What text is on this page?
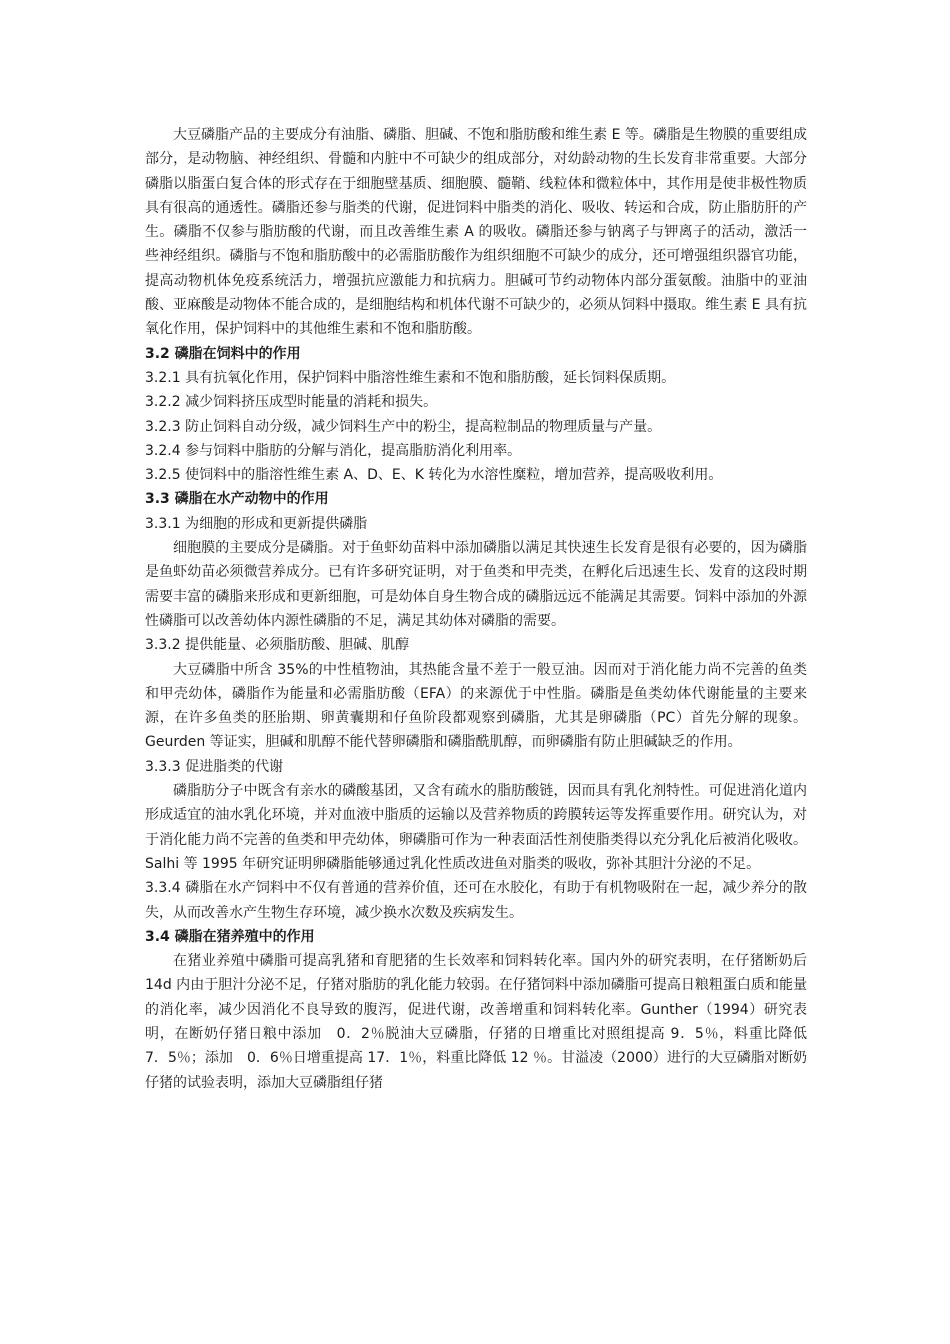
大豆磷脂产品的主要成分有油脂、磷脂、胆碱、不饱和脂肪酸和维生素 E 等。磷脂是生物膜的重要组成部分，是动物脑、神经组织、骨髓和内脏中不可缺少的组成部分，对幼龄动物的生长发育非常重要。大部分磷脂以脂蛋白复合体的形式存在于细胞壁基质、细胞膜、髓鞘、线粒体和微粒体中，其作用是使非极性物质具有很高的通透性。磷脂还参与脂类的代谢，促进饲料中脂类的消化、吸收、转运和合成，防止脂肪肝的产生。磷脂不仅参与脂肪酸的代谢，而且改善维生素 A 的吸收。磷脂还参与钠离子与钾离子的活动，激活一些神经组织。磷脂与不饱和脂肪酸中的必需脂肪酸作为组织细胞不可缺少的成分，还可增强组织器官功能，提高动物机体免疫系统活力，增强抗应激能力和抗病力。胆碱可节约动物体内部分蛋氨酸。油脂中的亚油酸、亚麻酸是动物体不能合成的，是细胞结构和机体代谢不可缺少的，必须从饲料中摄取。维生素 E 具有抗氧化作用，保护饲料中的其他维生素和不饱和脂肪酸。

3.2 磷脂在饲料中的作用

3.2.1 具有抗氧化作用，保护饲料中脂溶性维生素和不饱和脂肪酸，延长饲料保质期。

3.2.2 减少饲料挤压成型时能量的消耗和损失。

3.2.3 防止饲料自动分级，减少饲料生产中的粉尘，提高粒制品的物理质量与产量。

3.2.4 参与饲料中脂肪的分解与消化，提高脂肪消化利用率。

3.2.5 使饲料中的脂溶性维生素 A、D、E、K 转化为水溶性糜粒，增加营养，提高吸收利用。

3.3 磷脂在水产动物中的作用

3.3.1 为细胞的形成和更新提供磷脂

细胞膜的主要成分是磷脂。对于鱼虾幼苗料中添加磷脂以满足其快速生长发育是很有必要的，因为磷脂是鱼虾幼苗必须微营养成分。已有许多研究证明，对于鱼类和甲壳类，在孵化后迅速生长、发育的这段时期需要丰富的磷脂来形成和更新细胞，可是幼体自身生物合成的磷脂远远不能满足其需要。饲料中添加的外源性磷脂可以改善幼体内源性磷脂的不足，满足其幼体对磷脂的需要。

3.3.2 提供能量、必须脂肪酸、胆碱、肌醇

大豆磷脂中所含 35%的中性植物油，其热能含量不差于一般豆油。因而对于消化能力尚不完善的鱼类和甲壳幼体，磷脂作为能量和必需脂肪酸（EFA）的来源优于中性脂。磷脂是鱼类幼体代谢能量的主要来源，在许多鱼类的胚胎期、卵黄囊期和仔鱼阶段都观察到磷脂，尤其是卵磷脂（PC）首先分解的现象。Geurden 等证实，胆碱和肌醇不能代替卵磷脂和磷脂酰肌醇，而卵磷脂有防止胆碱缺乏的作用。

3.3.3 促进脂类的代谢

磷脂肪分子中既含有亲水的磷酸基团，又含有疏水的脂肪酸链，因而具有乳化剂特性。可促进消化道内形成适宜的油水乳化环境，并对血液中脂质的运输以及营养物质的跨膜转运等发挥重要作用。研究认为，对于消化能力尚不完善的鱼类和甲壳幼体，卵磷脂可作为一种表面活性剂使脂类得以充分乳化后被消化吸收。Salhi 等 1995 年研究证明卵磷脂能够通过乳化性质改进鱼对脂类的吸收，弥补其胆汁分泌的不足。

3.3.4 磷脂在水产饲料中不仅有普通的营养价值，还可在水胶化，有助于有机物吸附在一起，减少养分的散失，从而改善水产生物生存环境，减少换水次数及疾病发生。

3.4 磷脂在猪养殖中的作用

在猪业养殖中磷脂可提高乳猪和育肥猪的生长效率和饲料转化率。国内外的研究表明，在仔猪断奶后 14d 内由于胆汁分泌不足，仔猪对脂肪的乳化能力较弱。在仔猪饲料中添加磷脂可提高日粮粗蛋白质和能量的消化率，减少因消化不良导致的腹泻，促进代谢，改善增重和饲料转化率。Gunther（1994）研究表明，在断奶仔猪日粮中添加　0．2％脱油大豆磷脂，仔猪的日增重比对照组提高 9．5％，料重比降低　7．5％；添加　0．6％日增重提高 17．1％，料重比降低 12 ％。甘溢凌（2000）进行的大豆磷脂对断奶仔猪的试验表明，添加大豆磷脂组仔猪
